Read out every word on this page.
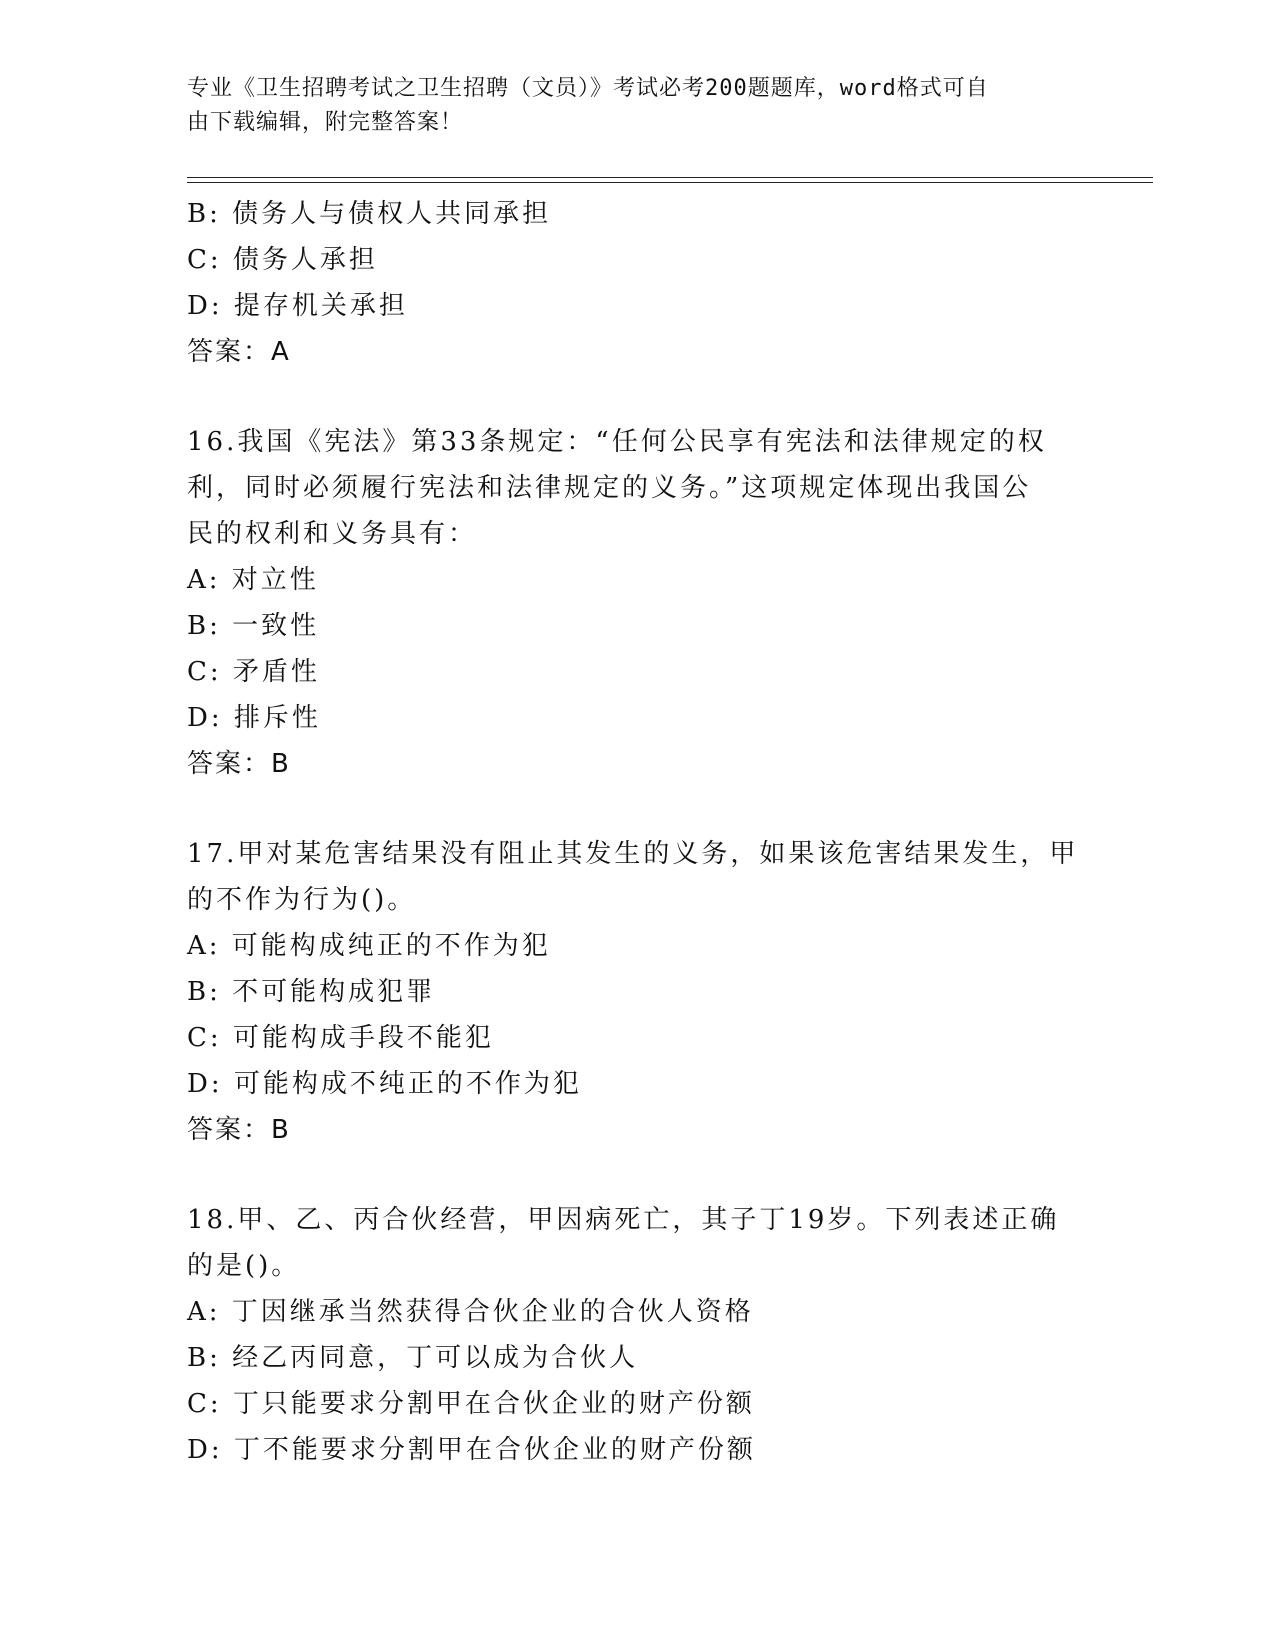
专业《卫生招聘考试之卫生招聘（文员）》考试必考200题题库，word格式可自
由下载编辑，附完整答案！
B: 债务人与债权人共同承担
C: 债务人承担
D: 提存机关承担
答案：A
16.我国《宪法》第33条规定：“任何公民享有宪法和法律规定的权
利，同时必须履行宪法和法律规定的义务。”这项规定体现出我国公
民的权利和义务具有：
A: 对立性
B: 一致性
C: 矛盾性
D: 排斥性
答案：B
17.甲对某危害结果没有阻止其发生的义务，如果该危害结果发生，甲
的不作为行为()。
A: 可能构成纯正的不作为犯
B: 不可能构成犯罪
C: 可能构成手段不能犯
D: 可能构成不纯正的不作为犯
答案：B
18.甲、乙、丙合伙经营，甲因病死亡，其子丁19岁。下列表述正确
的是()。
A: 丁因继承当然获得合伙企业的合伙人资格
B: 经乙丙同意，丁可以成为合伙人
C: 丁只能要求分割甲在合伙企业的财产份额
D: 丁不能要求分割甲在合伙企业的财产份额
